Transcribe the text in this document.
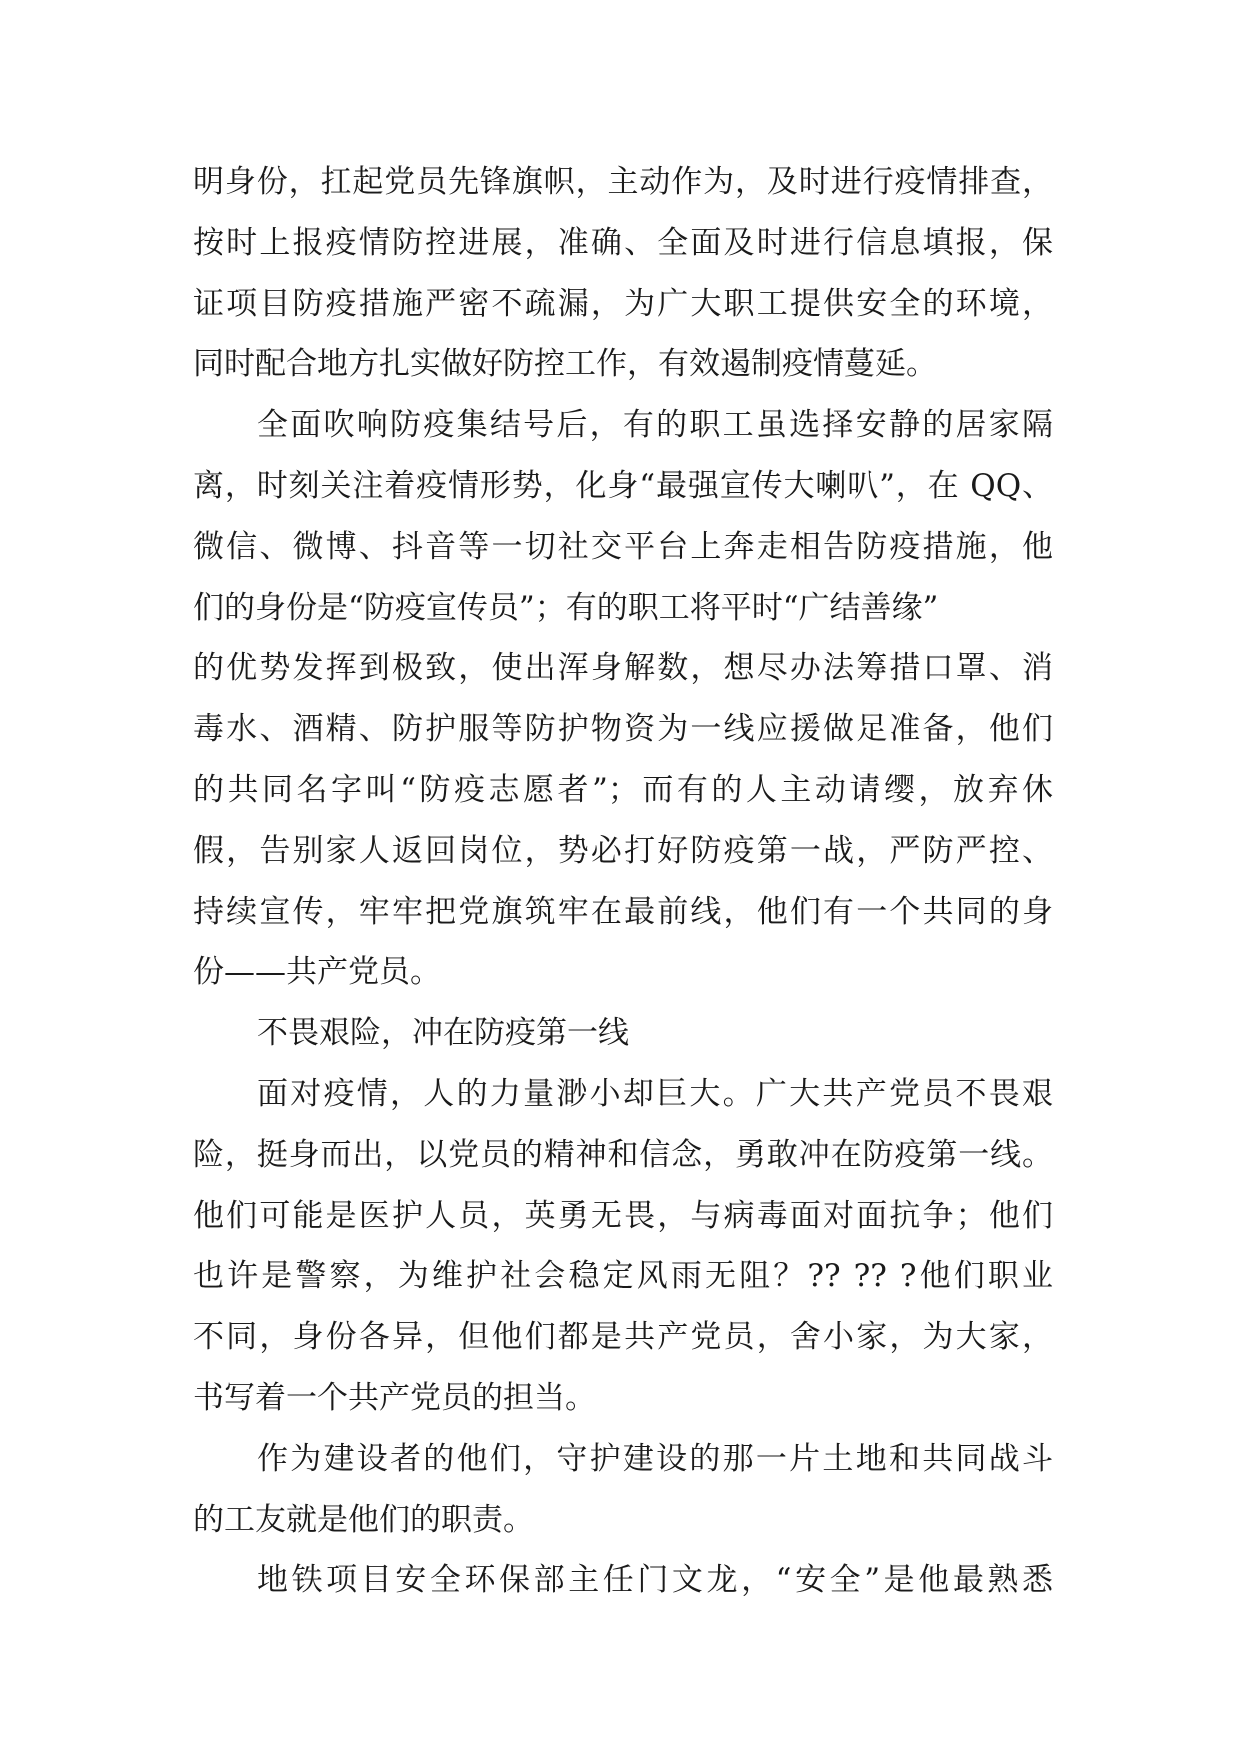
明身份，扛起党员先锋旗帜，主动作为，及时进行疫情排查，
按时上报疫情防控进展，准确、全面及时进行信息填报，保
证项目防疫措施严密不疏漏，为广大职工提供安全的环境，
同时配合地方扎实做好防控工作，有效遏制疫情蔓延。
全面吹响防疫集结号后，有的职工虽选择安静的居家隔
离，时刻关注着疫情形势，化身“最强宣传大喇叭”，在 QQ、
微信、微博、抖音等一切社交平台上奔走相告防疫措施，他
们的身份是“防疫宣传员”；有的职工将平时“广结善缘”
的优势发挥到极致，使出浑身解数，想尽办法筹措口罩、消
毒水、酒精、防护服等防护物资为一线应援做足准备，他们
的共同名字叫“防疫志愿者”；而有的人主动请缨，放弃休
假，告别家人返回岗位，势必打好防疫第一战，严防严控、
持续宣传，牢牢把党旗筑牢在最前线，他们有一个共同的身
份——共产党员。
不畏艰险，冲在防疫第一线
面对疫情，人的力量渺小却巨大。广大共产党员不畏艰
险，挺身而出，以党员的精神和信念，勇敢冲在防疫第一线。
他们可能是医护人员，英勇无畏，与病毒面对面抗争；他们
也许是警察，为维护社会稳定风雨无阻？?? ?? ?他们职业
不同，身份各异，但他们都是共产党员，舍小家，为大家，
书写着一个共产党员的担当。
作为建设者的他们，守护建设的那一片土地和共同战斗
的工友就是他们的职责。
地铁项目安全环保部主任门文龙，“安全”是他最熟悉
